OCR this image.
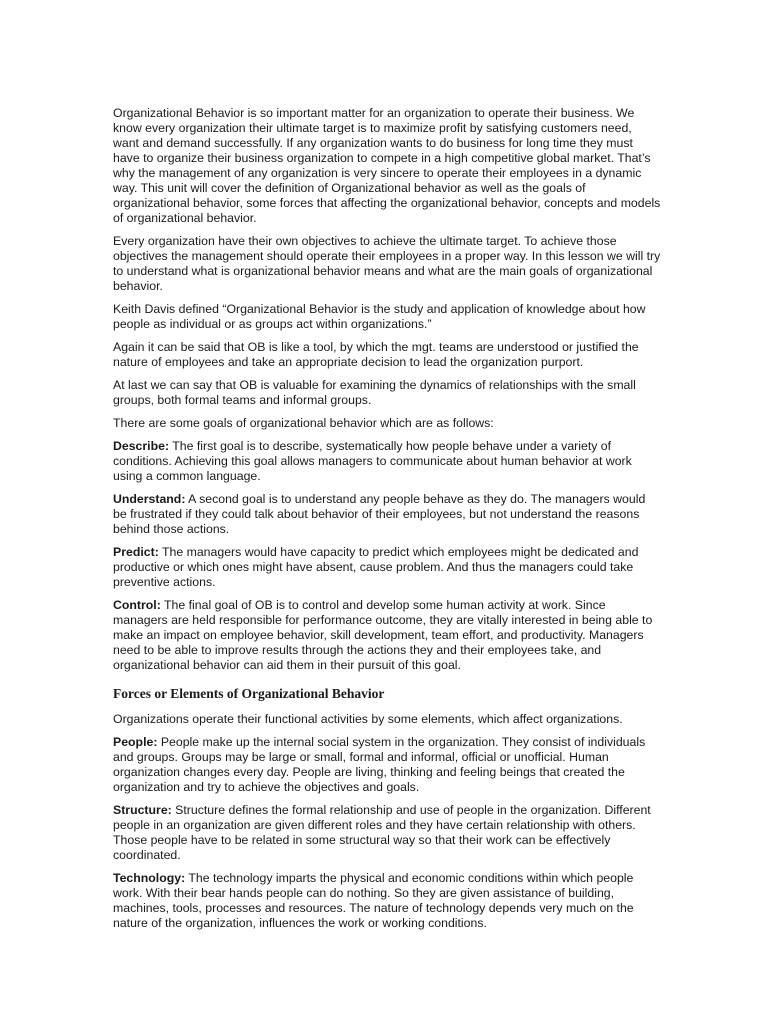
Organizational Behavior is so important matter for an organization to operate their business. We know every organization their ultimate target is to maximize profit by satisfying customers need, want and demand successfully. If any organization wants to do business for long time they must have to organize their business organization to compete in a high competitive global market. That’s why the management of any organization is very sincere to operate their employees in a dynamic way. This unit will cover the definition of Organizational behavior as well as the goals of organizational behavior, some forces that affecting the organizational behavior, concepts and models of organizational behavior.

Every organization have their own objectives to achieve the ultimate target. To achieve those objectives the management should operate their employees in a proper way. In this lesson we will try to understand what is organizational behavior means and what are the main goals of organizational behavior.

Keith Davis defined “Organizational Behavior is the study and application of knowledge about how people as individual or as groups act within organizations.”

Again it can be said that OB is like a tool, by which the mgt. teams are understood or justified the nature of employees and take an appropriate decision to lead the organization purport.

At last we can say that OB is valuable for examining the dynamics of relationships with the small groups, both formal teams and informal groups.

There are some goals of organizational behavior which are as follows:

Describe: The first goal is to describe, systematically how people behave under a variety of conditions. Achieving this goal allows managers to communicate about human behavior at work using a common language.

Understand: A second goal is to understand any people behave as they do. The managers would be frustrated if they could talk about behavior of their employees, but not understand the reasons behind those actions.

Predict: The managers would have capacity to predict which employees might be dedicated and productive or which ones might have absent, cause problem. And thus the managers could take preventive actions.

Control: The final goal of OB is to control and develop some human activity at work. Since managers are held responsible for performance outcome, they are vitally interested in being able to make an impact on employee behavior, skill development, team effort, and productivity. Managers need to be able to improve results through the actions they and their employees take, and organizational behavior can aid them in their pursuit of this goal.

Forces or Elements of Organizational Behavior

Organizations operate their functional activities by some elements, which affect organizations.

People: People make up the internal social system in the organization. They consist of individuals and groups. Groups may be large or small, formal and informal, official or unofficial. Human organization changes every day. People are living, thinking and feeling beings that created the organization and try to achieve the objectives and goals.

Structure: Structure defines the formal relationship and use of people in the organization. Different people in an organization are given different roles and they have certain relationship with others. Those people have to be related in some structural way so that their work can be effectively coordinated.

Technology: The technology imparts the physical and economic conditions within which people work. With their bear hands people can do nothing. So they are given assistance of building, machines, tools, processes and resources. The nature of technology depends very much on the nature of the organization, influences the work or working conditions.
